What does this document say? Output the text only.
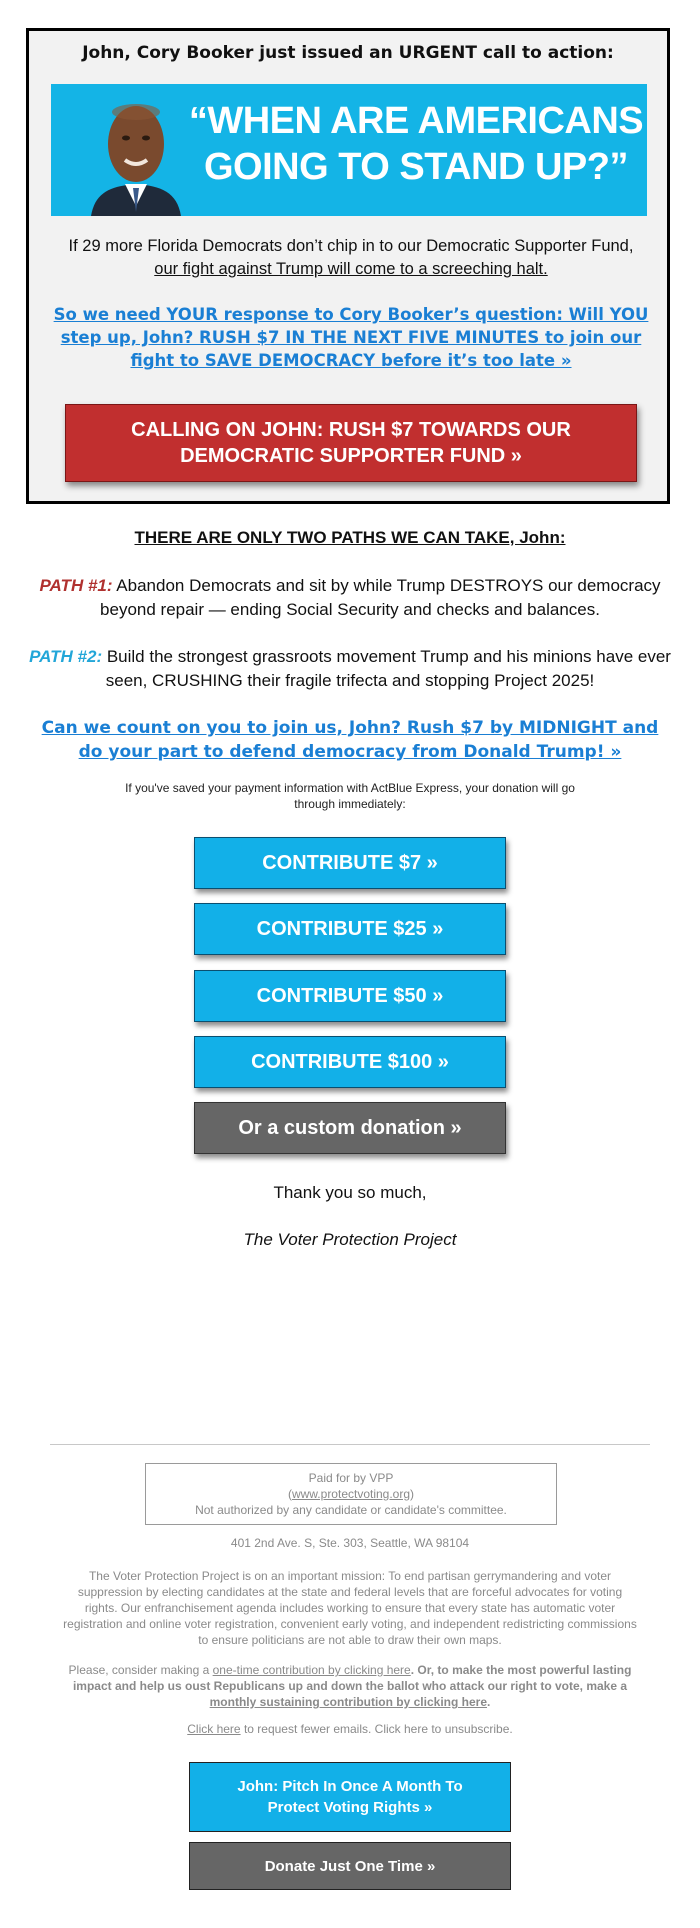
John, Cory Booker just issued an URGENT call to action:
“WHEN ARE AMERICANS GOING TO STAND UP?”
If 29 more Florida Democrats don’t chip in to our Democratic Supporter Fund,
our fight against Trump will come to a screeching halt.
So we need YOUR response to Cory Booker’s question: Will YOU step up, John? RUSH $7 IN THE NEXT FIVE MINUTES to join our fight to SAVE DEMOCRACY before it’s too late »
CALLING ON JOHN: RUSH $7 TOWARDS OUR DEMOCRATIC SUPPORTER FUND »
THERE ARE ONLY TWO PATHS WE CAN TAKE, John:
PATH #1: Abandon Democrats and sit by while Trump DESTROYS our democracy beyond repair — ending Social Security and checks and balances.
PATH #2: Build the strongest grassroots movement Trump and his minions have ever seen, CRUSHING their fragile trifecta and stopping Project 2025!
Can we count on you to join us, John? Rush $7 by MIDNIGHT and do your part to defend democracy from Donald Trump! »
If you've saved your payment information with ActBlue Express, your donation will go through immediately:
CONTRIBUTE $7 »
CONTRIBUTE $25 »
CONTRIBUTE $50 »
CONTRIBUTE $100 »
Or a custom donation »
Thank you so much,
The Voter Protection Project
Paid for by VPP
(www.protectvoting.org)
Not authorized by any candidate or candidate's committee.
401 2nd Ave. S, Ste. 303, Seattle, WA 98104
The Voter Protection Project is on an important mission: To end partisan gerrymandering and voter suppression by electing candidates at the state and federal levels that are forceful advocates for voting rights. Our enfranchisement agenda includes working to ensure that every state has automatic voter registration and online voter registration, convenient early voting, and independent redistricting commissions to ensure politicians are not able to draw their own maps.
Please, consider making a one-time contribution by clicking here. Or, to make the most powerful lasting impact and help us oust Republicans up and down the ballot who attack our right to vote, make a monthly sustaining contribution by clicking here.
Click here to request fewer emails. Click here to unsubscribe.
John: Pitch In Once A Month To Protect Voting Rights »
Donate Just One Time »
